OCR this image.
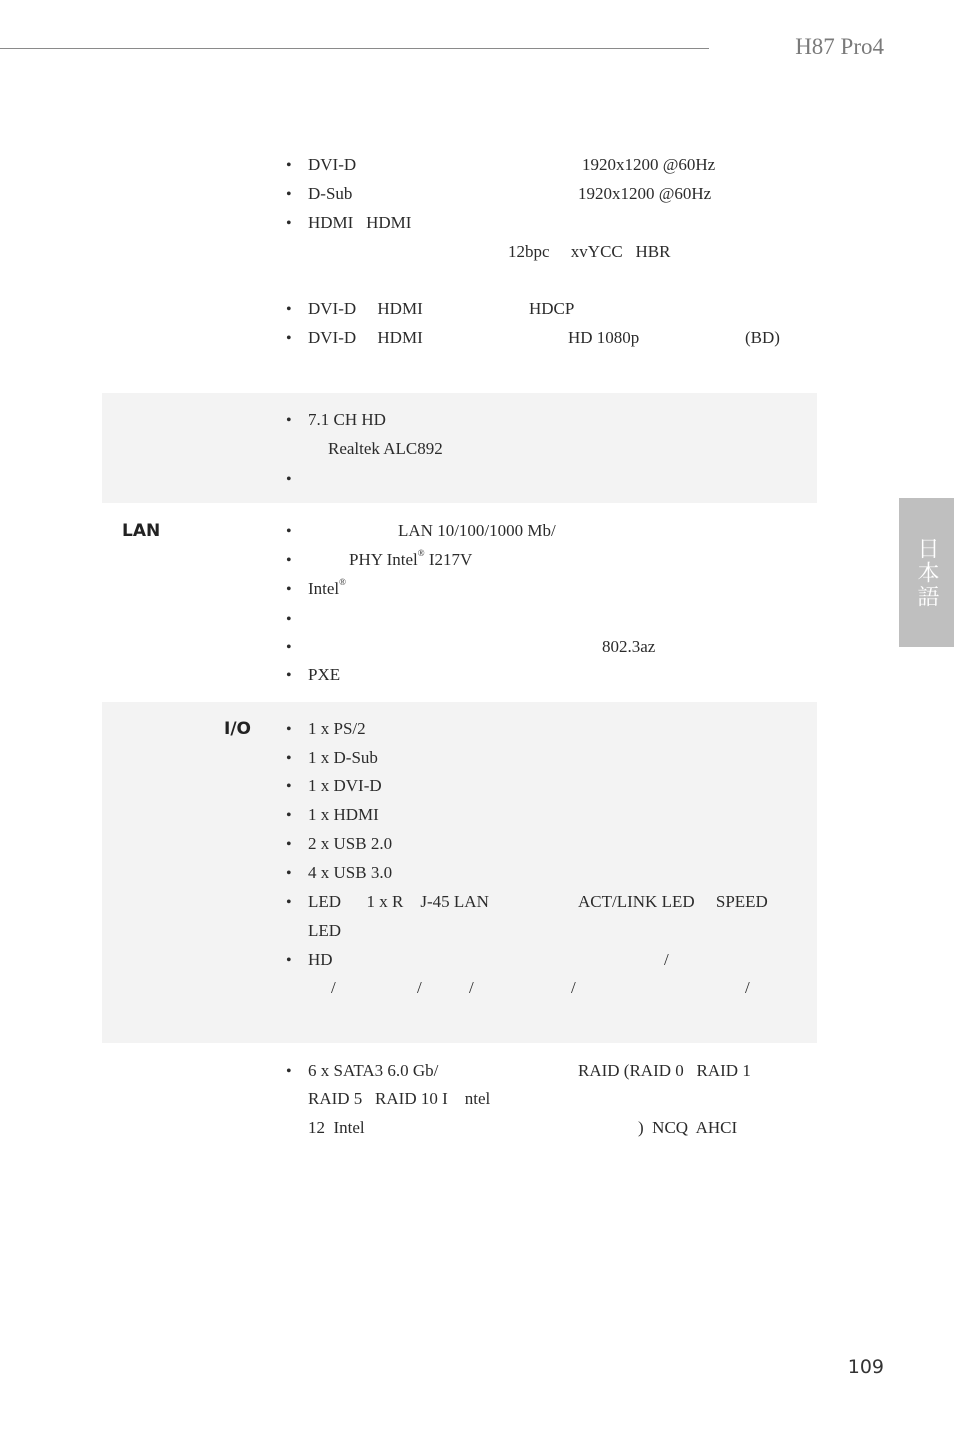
H87 Pro4
日本語
• DVI-D	1920x1200 @60Hz
• D-Sub	1920x1200 @60Hz
• HDMI   HDMI
12bpc     xvYCC   HBR
• DVI-D     HDMI	HDCP
• DVI-D     HDMI	HD 1080p	(BD)
• 7.1 CH HD
Realtek ALC892
•
LAN	•	LAN 10/100/1000 Mb/
•	PHY Intel® I217V
• Intel®
•
•	802.3az
• PXE
I/O • 1 x PS/2
• 1 x D-Sub
• 1 x DVI-D
• 1 x HDMI
• 2 x USB 2.0
• 4 x USB 3.0
• LED      1 x R    J-45 LAN	ACT/LINK LED     SPEED
LED
• HD	/
/	/	/	/	/
• 6 x SATA3 6.0 Gb/	RAID (RAID 0   RAID 1
RAID 5   RAID 10 I    ntel
12  Intel	)  NCQ  AHCI
109
